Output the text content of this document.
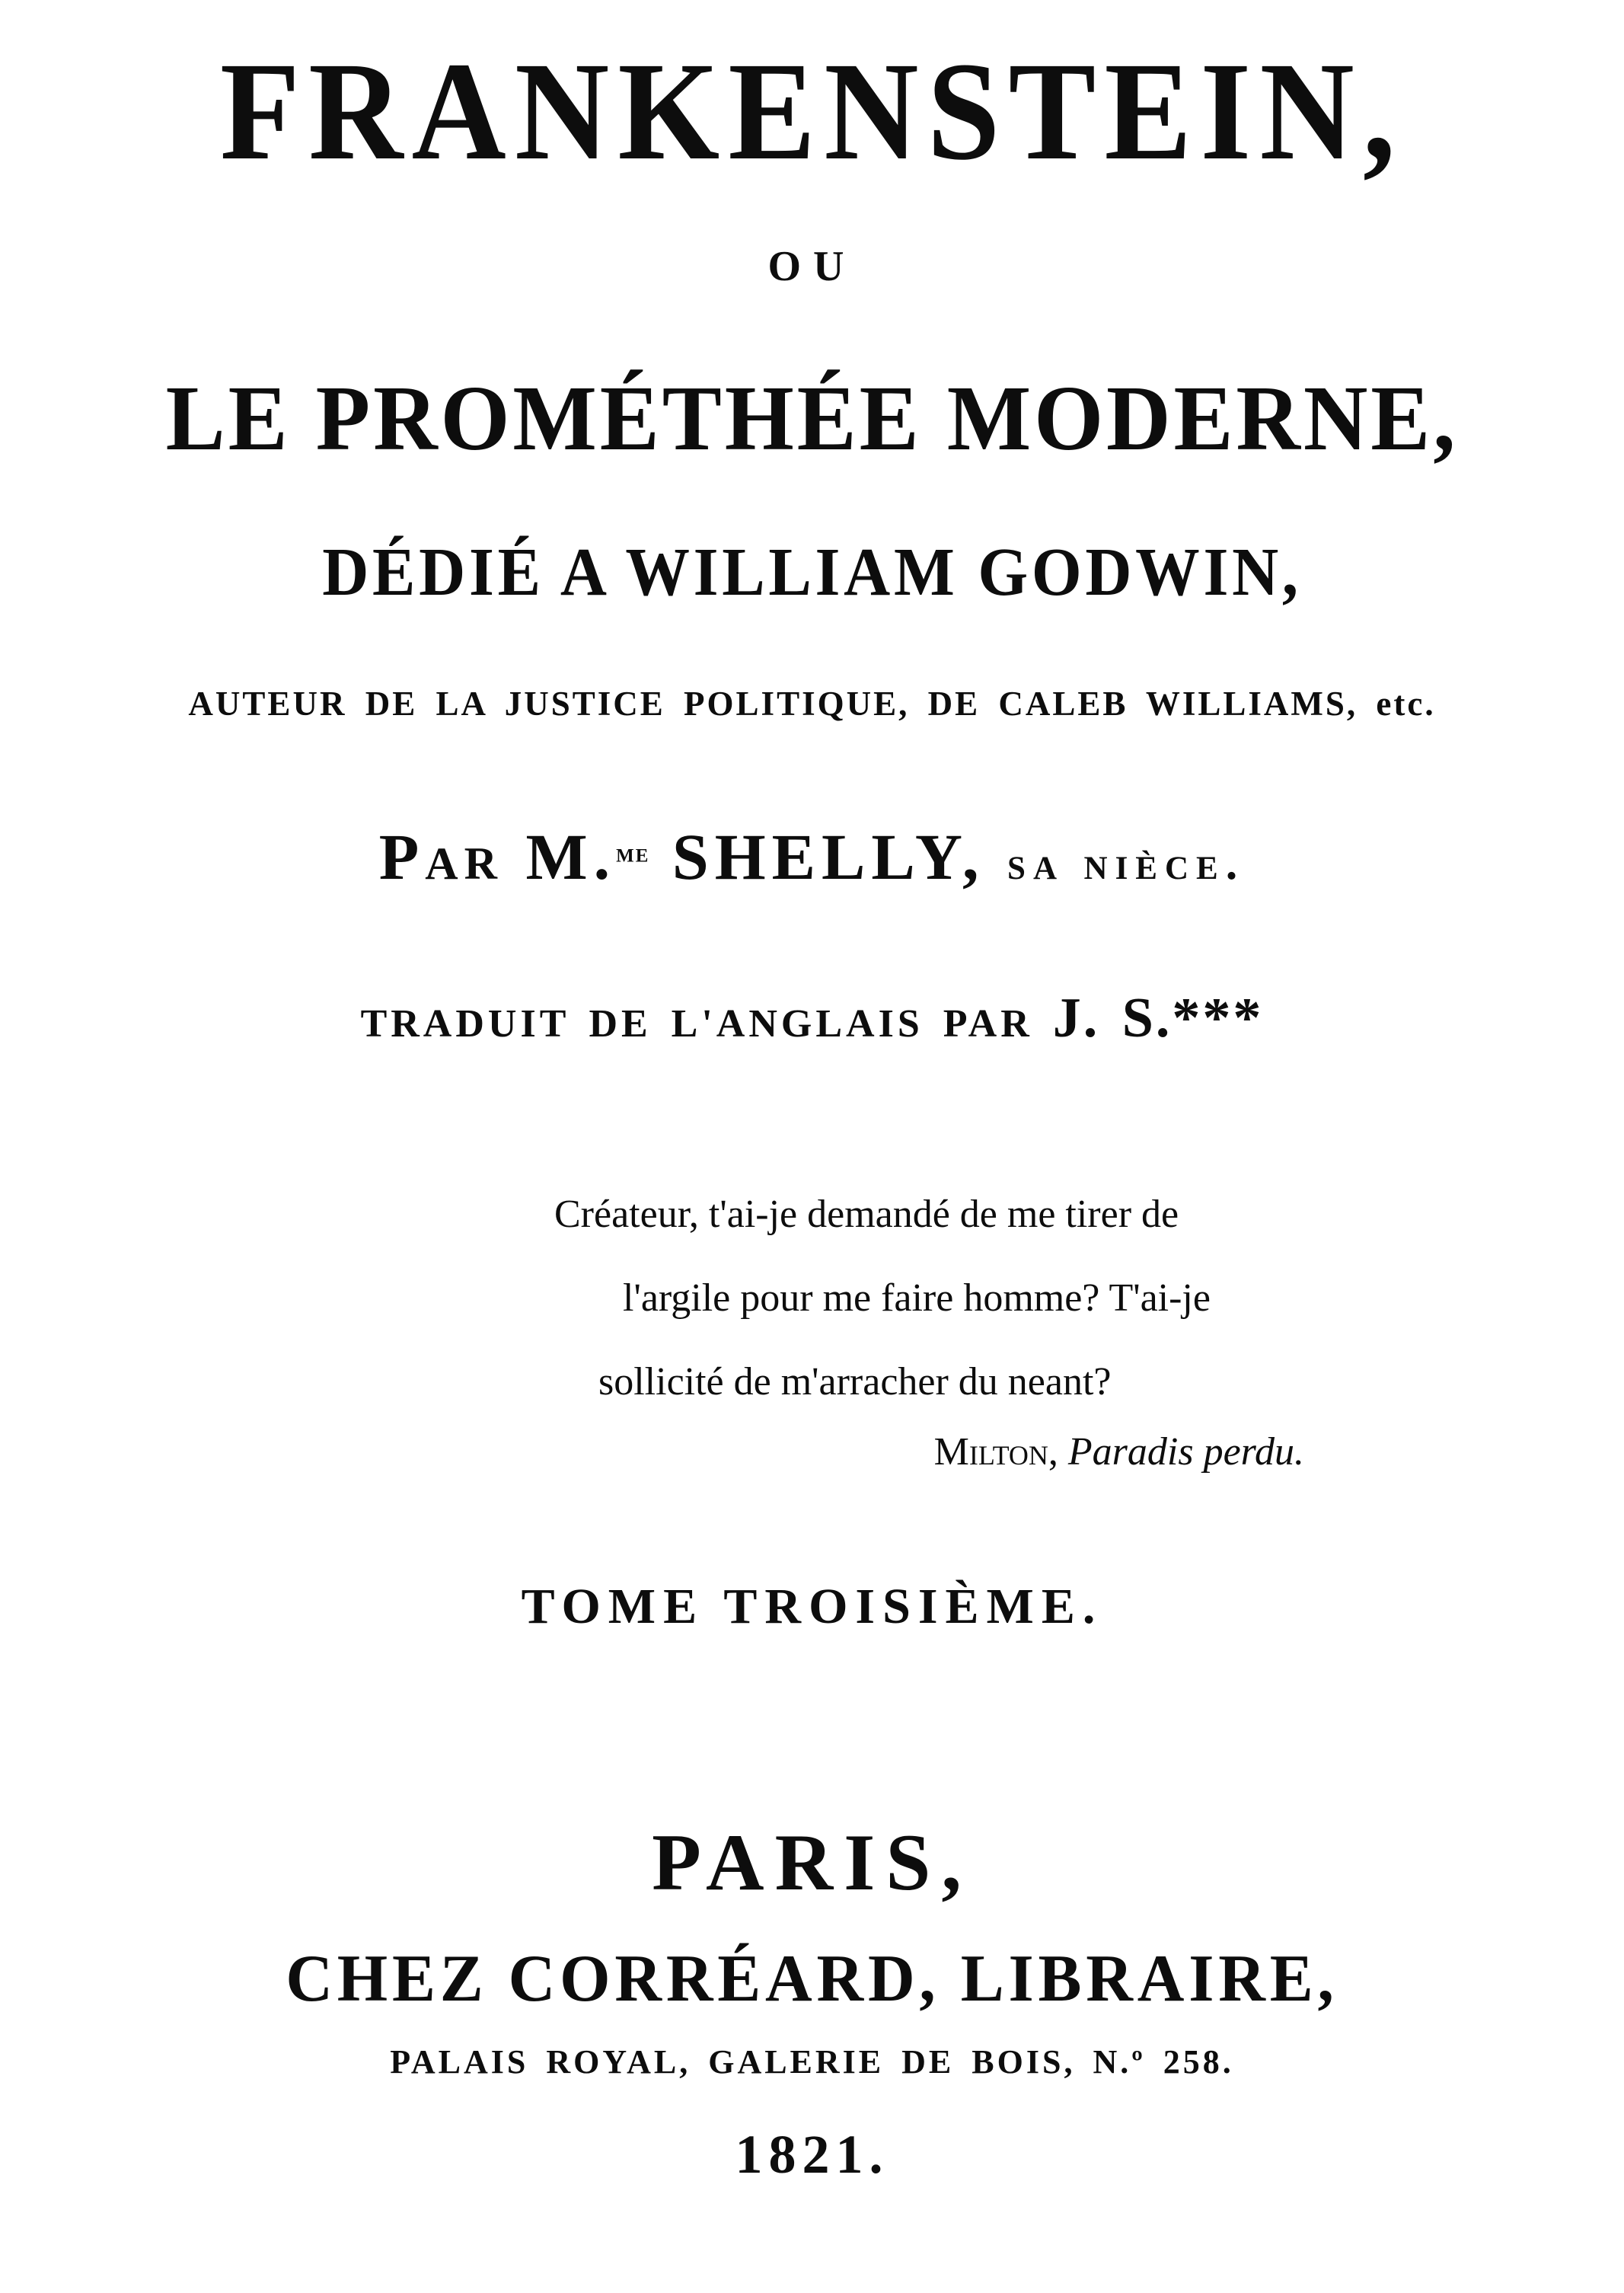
FRANKENSTEIN,
OU
LE PROMÉTHÉE MODERNE,
DÉDIÉ A WILLIAM GODWIN,
AUTEUR DE LA JUSTICE POLITIQUE, DE CALEB WILLIAMS, etc.
Par M.$^{me}$ SHELLY, sa nièce.
TRADUIT DE L'ANGLAIS PAR J. S.***
Créateur, t'ai-je demandé de me tirer de
l'argile pour me faire homme? T'ai-je
sollicité de m'arracher du neant?
Milton, Paradis perdu.
TOME TROISIÈME.
PARIS,
CHEZ CORRÉARD, LIBRAIRE,
PALAIS ROYAL, GALERIE DE BOIS, N.º 258.
1821.
